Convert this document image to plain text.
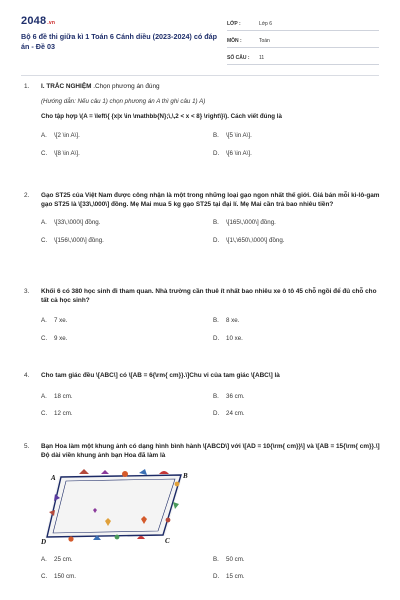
2048.vn
Bộ 6 đề thi giữa kì 1 Toán 6 Cánh diều (2023-2024) có đáp án - Đề 03
LỚP :	Lớp 6
MÔN :	Toán
SỐ CÂU :	11
1.	I. TRẮC NGHIỆM .Chọn phương án đúng
(Hướng dẫn: Nếu câu 1) chọn phương án A thì ghi câu 1) A)
Cho tập hợp \(A = \left\{ {x|x \in \mathbb{N};\,\,2 < x < 8} \right\}\). Cách viết đúng là
A.	\[2 \in A\].	B.	\[5 \in A\].
C.	\[8 \in A\].	D.	\[6 \in A\].
2.	Gạo ST25 của Việt Nam được công nhận là một trong những loại gạo ngon nhất thế giới. Giá bán mỗi ki-lô-gam gạo ST25 là \[33\,\000\] đồng. Mẹ Mai mua 5 kg gạo ST25 tại đại lí. Mẹ Mai cần trả bao nhiêu tiền?
A.	\[33\,\000\] đồng.	B.	\[165\,\000\] đồng.
C.	\[156\,\000\] đồng.	D.	\[1\,\650\,\000\] đồng.
3.	Khối 6 có 380 học sinh đi tham quan. Nhà trường cần thuê ít nhất bao nhiêu xe ô tô 45 chỗ ngồi để đủ chỗ cho tất cả học sinh?
A.	7 xe.	B.	8 xe.
C.	9 xe.	D.	10 xe.
4.	Cho tam giác đều \[ABC\] có \[AB = 6{\rm{ cm}}.\]Chu vi của tam giác \[ABC\] là
A.	18 cm.	B.	36 cm.
C.	12 cm.	D.	24 cm.
5.	Bạn Hoa làm một khung ảnh có dạng hình bình hành \[ABCD\] với \[AD = 10{\rm{ cm}}\] và \[AB = 15{\rm{ cm}}.\] Độ dài viền khung ảnh bạn Hoa đã làm là
A	B
C
D
A.	25 cm.	B.	50 cm.
C.	150 cm.	D.	15 cm.
